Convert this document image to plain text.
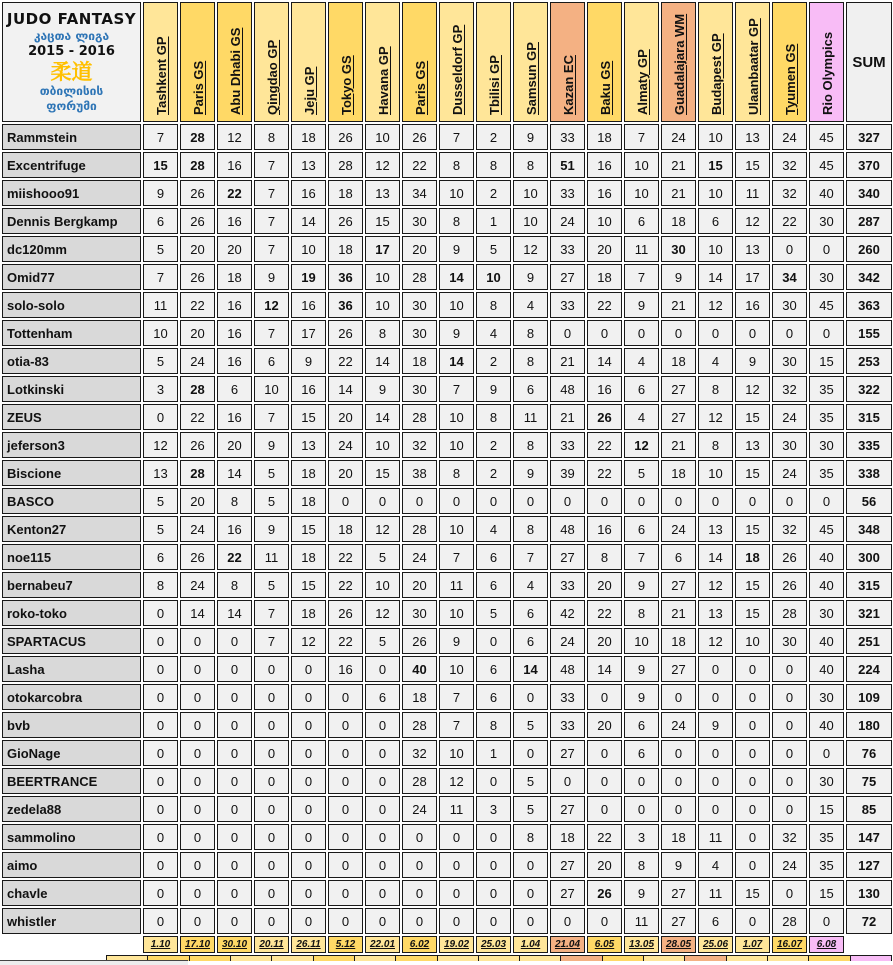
JUDO FANTASY
კაცთა ლიგა
2015 - 2016
柔道
თბილისის
ფორუმი	Tashkent GP	Paris GS	Abu Dhabi GS	Qingdao GP	Jeju GP	Tokyo GS	Havana GP	Paris GS	Dusseldorf GP	Tbilisi GP	Samsun GP	Kazan EC	Baku GS	Almaty GP	Guadalajara WM	Budapest GP	Ulaanbaatar GP	Tyumen GS	Rio Olympics	SUM
Rammstein	7	28	12	8	18	26	10	26	7	2	9	33	18	7	24	10	13	24	45	327
Excentrifuge	15	28	16	7	13	28	12	22	8	8	8	51	16	10	21	15	15	32	45	370
miishooo91	9	26	22	7	16	18	13	34	10	2	10	33	16	10	21	10	11	32	40	340
Dennis Bergkamp	6	26	16	7	14	26	15	30	8	1	10	24	10	6	18	6	12	22	30	287
dc120mm	5	20	20	7	10	18	17	20	9	5	12	33	20	11	30	10	13	0	0	260
Omid77	7	26	18	9	19	36	10	28	14	10	9	27	18	7	9	14	17	34	30	342
solo-solo	11	22	16	12	16	36	10	30	10	8	4	33	22	9	21	12	16	30	45	363
Tottenham	10	20	16	7	17	26	8	30	9	4	8	0	0	0	0	0	0	0	0	155
otia-83	5	24	16	6	9	22	14	18	14	2	8	21	14	4	18	4	9	30	15	253
Lotkinski	3	28	6	10	16	14	9	30	7	9	6	48	16	6	27	8	12	32	35	322
ZEUS	0	22	16	7	15	20	14	28	10	8	11	21	26	4	27	12	15	24	35	315
jeferson3	12	26	20	9	13	24	10	32	10	2	8	33	22	12	21	8	13	30	30	335
Biscione	13	28	14	5	18	20	15	38	8	2	9	39	22	5	18	10	15	24	35	338
BASCO	5	20	8	5	18	0	0	0	0	0	0	0	0	0	0	0	0	0	0	56
Kenton27	5	24	16	9	15	18	12	28	10	4	8	48	16	6	24	13	15	32	45	348
noe115	6	26	22	11	18	22	5	24	7	6	7	27	8	7	6	14	18	26	40	300
bernabeu7	8	24	8	5	15	22	10	20	11	6	4	33	20	9	27	12	15	26	40	315
roko-toko	0	14	14	7	18	26	12	30	10	5	6	42	22	8	21	13	15	28	30	321
SPARTACUS	0	0	0	7	12	22	5	26	9	0	6	24	20	10	18	12	10	30	40	251
Lasha	0	0	0	0	0	16	0	40	10	6	14	48	14	9	27	0	0	0	40	224
otokarcobra	0	0	0	0	0	0	6	18	7	6	0	33	0	9	0	0	0	0	30	109
bvb	0	0	0	0	0	0	0	28	7	8	5	33	20	6	24	9	0	0	40	180
GioNage	0	0	0	0	0	0	0	32	10	1	0	27	0	6	0	0	0	0	0	76
BEERTRANCE	0	0	0	0	0	0	0	28	12	0	5	0	0	0	0	0	0	0	30	75
zedela88	0	0	0	0	0	0	0	24	11	3	5	27	0	0	0	0	0	0	15	85
sammolino	0	0	0	0	0	0	0	0	0	0	8	18	22	3	18	11	0	32	35	147
aimo	0	0	0	0	0	0	0	0	0	0	0	27	20	8	9	4	0	24	35	127
chavle	0	0	0	0	0	0	0	0	0	0	0	27	26	9	27	11	15	0	15	130
whistler	0	0	0	0	0	0	0	0	0	0	0	0	0	11	27	6	0	28	0	72
	1.10	17.10	30.10	20.11	26.11	5.12	22.01	6.02	19.02	25.03	1.04	21.04	6.05	13.05	28.05	25.06	1.07	16.07	6.08	
